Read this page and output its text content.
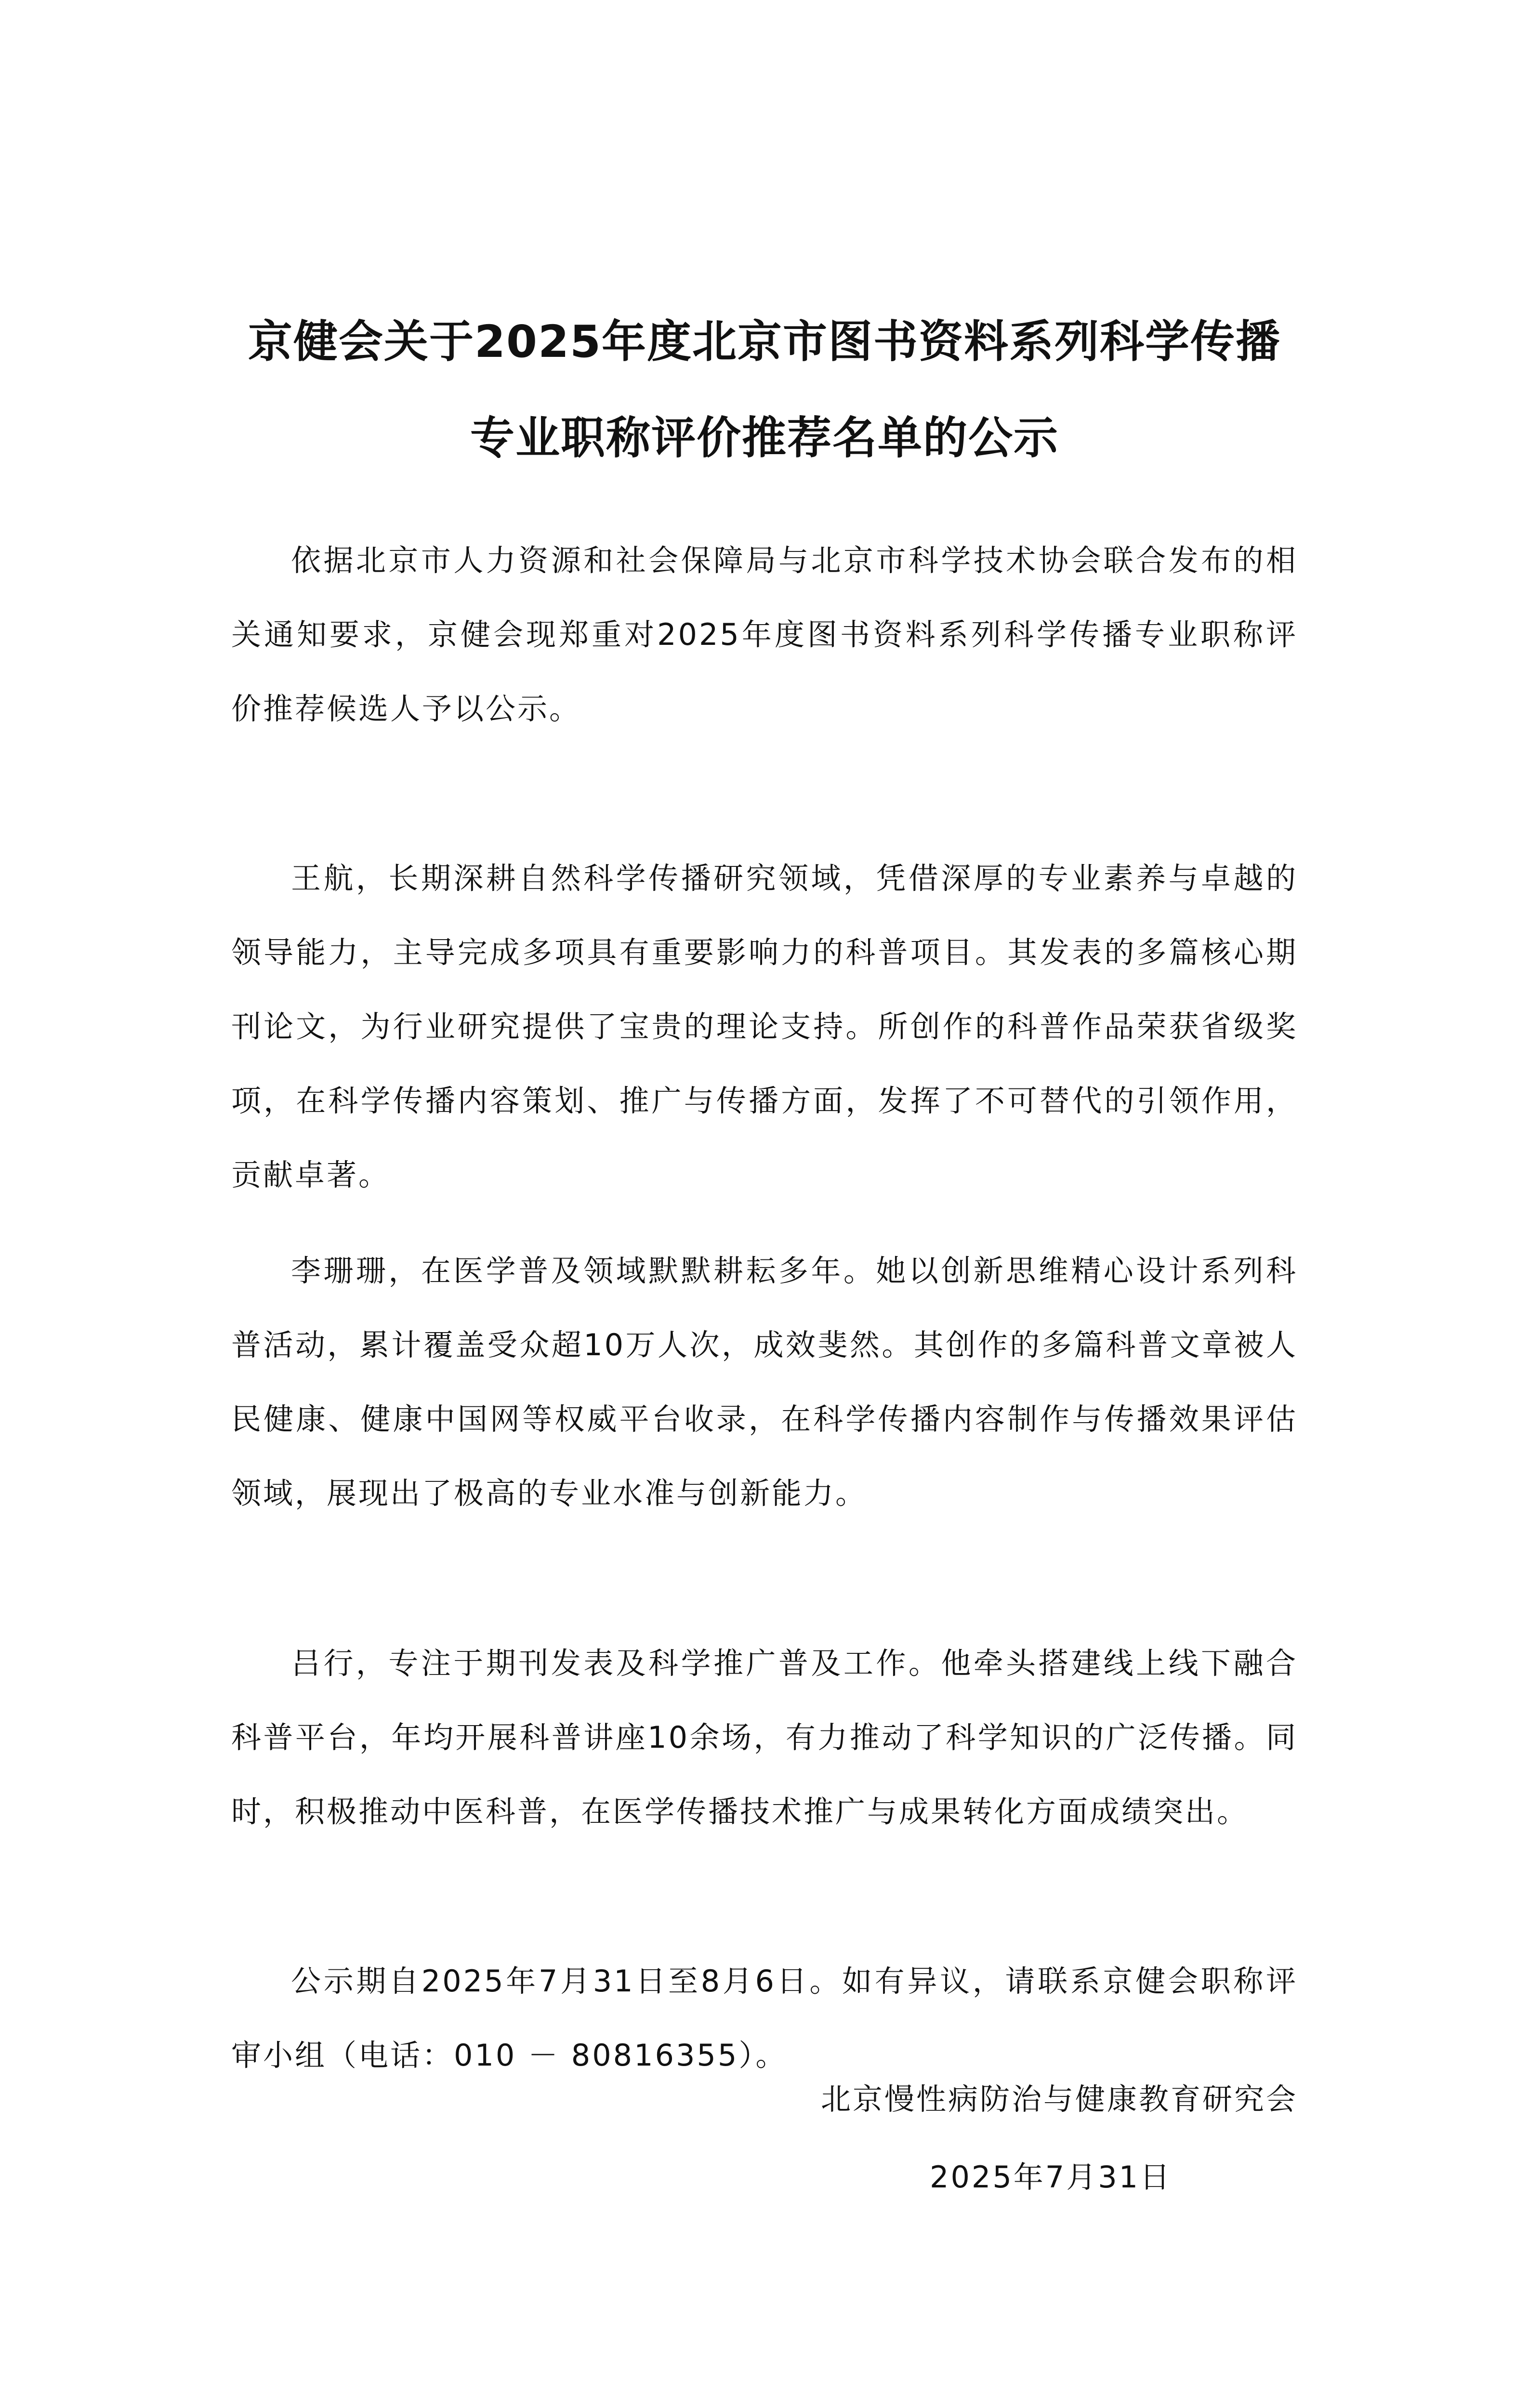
京健会关于2025年度北京市图书资料系列科学传播专业职称评价推荐名单的公示

依据北京市人力资源和社会保障局与北京市科学技术协会联合发布的相关通知要求，京健会现郑重对2025年度图书资料系列科学传播专业职称评价推荐候选人予以公示。

王航，长期深耕自然科学传播研究领域，凭借深厚的专业素养与卓越的领导能力，主导完成多项具有重要影响力的科普项目。其发表的多篇核心期刊论文，为行业研究提供了宝贵的理论支持。所创作的科普作品荣获省级奖项，在科学传播内容策划、推广与传播方面，发挥了不可替代的引领作用，贡献卓著。

李珊珊，在医学普及领域默默耕耘多年。她以创新思维精心设计系列科普活动，累计覆盖受众超10万人次，成效斐然。其创作的多篇科普文章被人民健康、健康中国网等权威平台收录，在科学传播内容制作与传播效果评估领域，展现出了极高的专业水准与创新能力。

吕行，专注于期刊发表及科学推广普及工作。他牵头搭建线上线下融合科普平台，年均开展科普讲座10余场，有力推动了科学知识的广泛传播。同时，积极推动中医科普，在医学传播技术推广与成果转化方面成绩突出。

公示期自2025年7月31日至8月6日。如有异议，请联系京健会职称评审小组（电话：010 － 80816355）。

北京慢性病防治与健康教育研究会
2025年7月31日
